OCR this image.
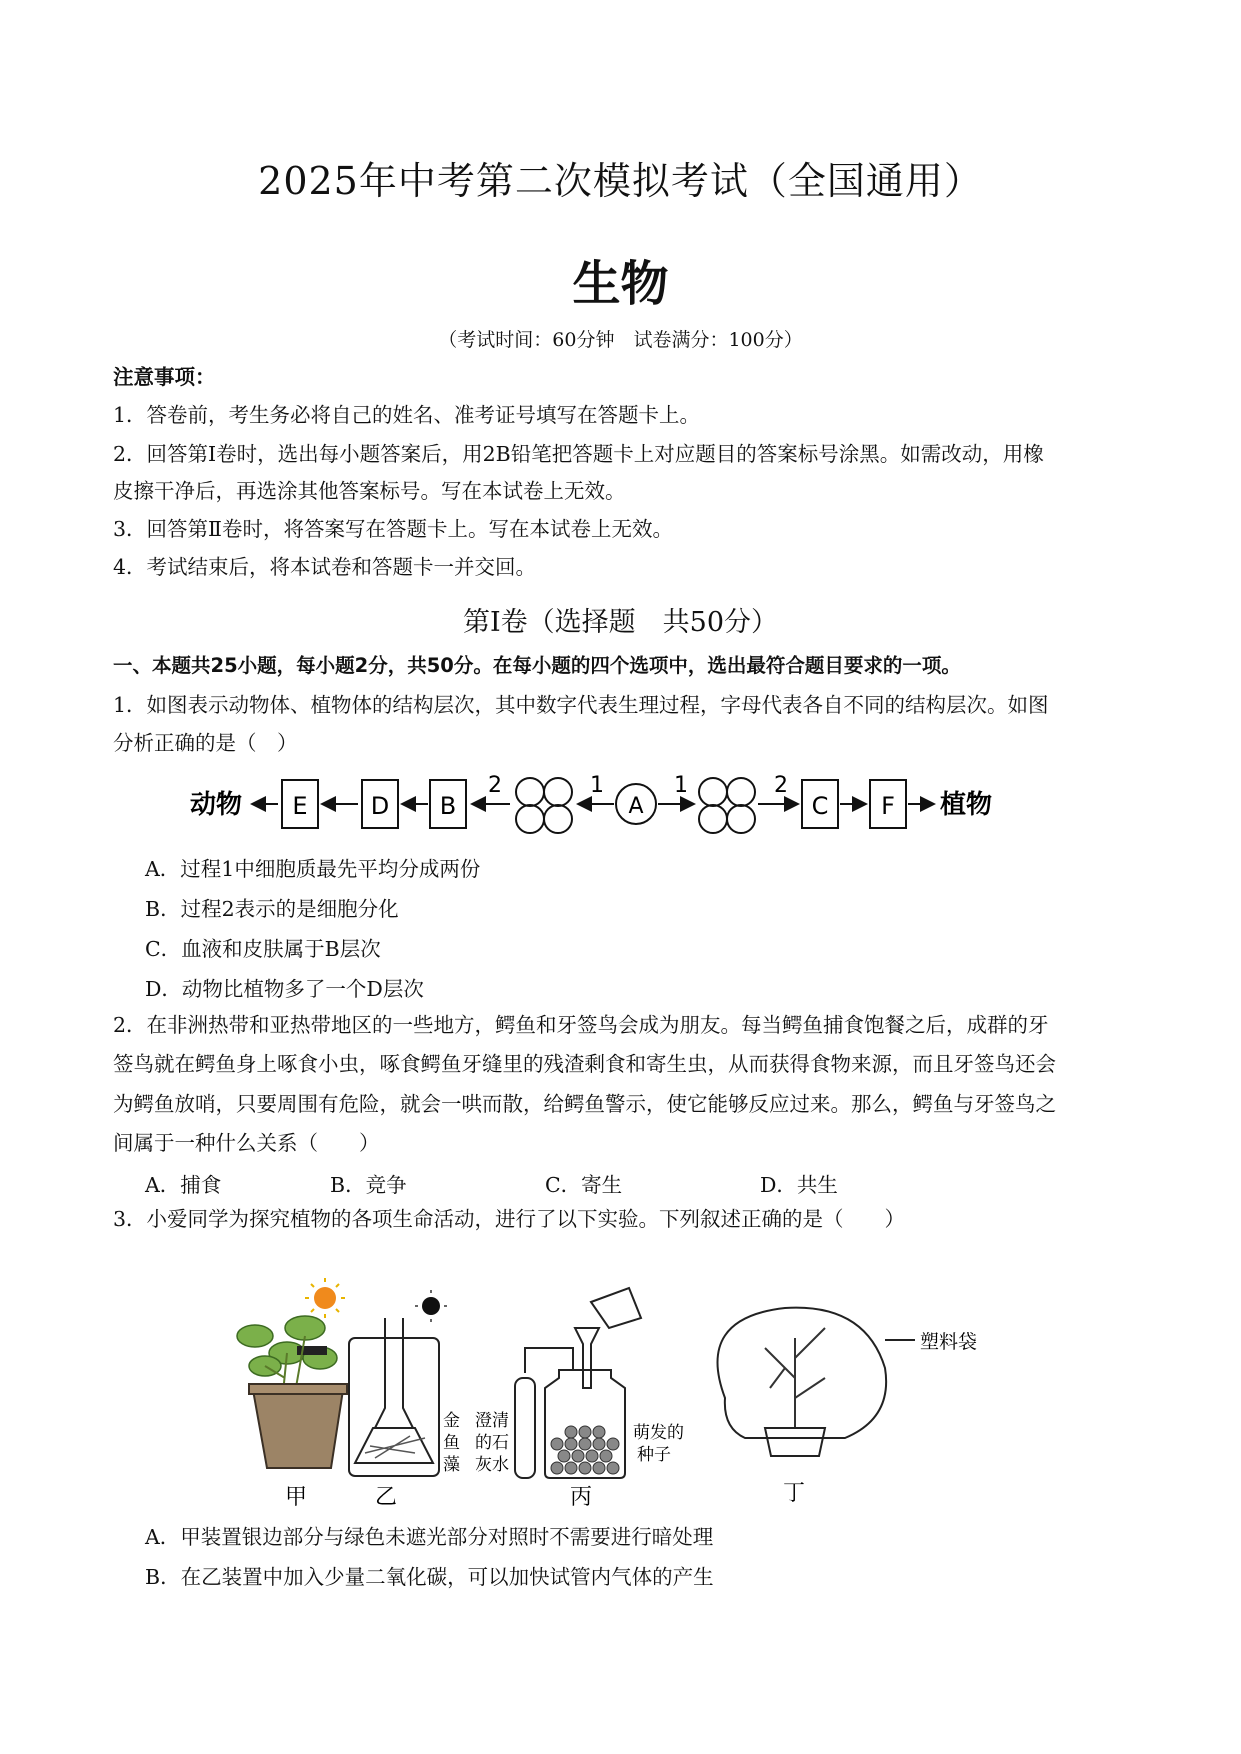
2025年中考第二次模拟考试（全国通用）
生物
（考试时间：60分钟　试卷满分：100分）
注意事项：
1．答卷前，考生务必将自己的姓名、准考证号填写在答题卡上。
2．回答第Ⅰ卷时，选出每小题答案后，用2B铅笔把答题卡上对应题目的答案标号涂黑。如需改动，用橡
皮擦干净后，再选涂其他答案标号。写在本试卷上无效。
3．回答第Ⅱ卷时，将答案写在答题卡上。写在本试卷上无效。
4．考试结束后，将本试卷和答题卡一并交回。
第Ⅰ卷（选择题　共50分）
一、本题共25小题，每小题2分，共50分。在每小题的四个选项中，选出最符合题目要求的一项。
1．如图表示动物体、植物体的结构层次，其中数字代表生理过程，字母代表各自不同的结构层次。如图
分析正确的是（　）
动物 E	D B
2	1
A
1	2
C F 植物
A．过程1中细胞质最先平均分成两份
B．过程2表示的是细胞分化
C．血液和皮肤属于B层次
D．动物比植物多了一个D层次
2．在非洲热带和亚热带地区的一些地方，鳄鱼和牙签鸟会成为朋友。每当鳄鱼捕食饱餐之后，成群的牙
签鸟就在鳄鱼身上啄食小虫，啄食鳄鱼牙缝里的残渣剩食和寄生虫，从而获得食物来源，而且牙签鸟还会
为鳄鱼放哨，只要周围有危险，就会一哄而散，给鳄鱼警示，使它能够反应过来。那么，鳄鱼与牙签鸟之
间属于一种什么关系（　　）
A．捕食	B．竞争	C．寄生	D．共生
3．小爱同学为探究植物的各项生命活动，进行了以下实验。下列叙述正确的是（　　）
甲	乙
金
鱼
藻
澄清
的石
灰水
丙
萌发的
种子
塑料袋
丁
A．甲装置银边部分与绿色未遮光部分对照时不需要进行暗处理
B．在乙装置中加入少量二氧化碳，可以加快试管内气体的产生
